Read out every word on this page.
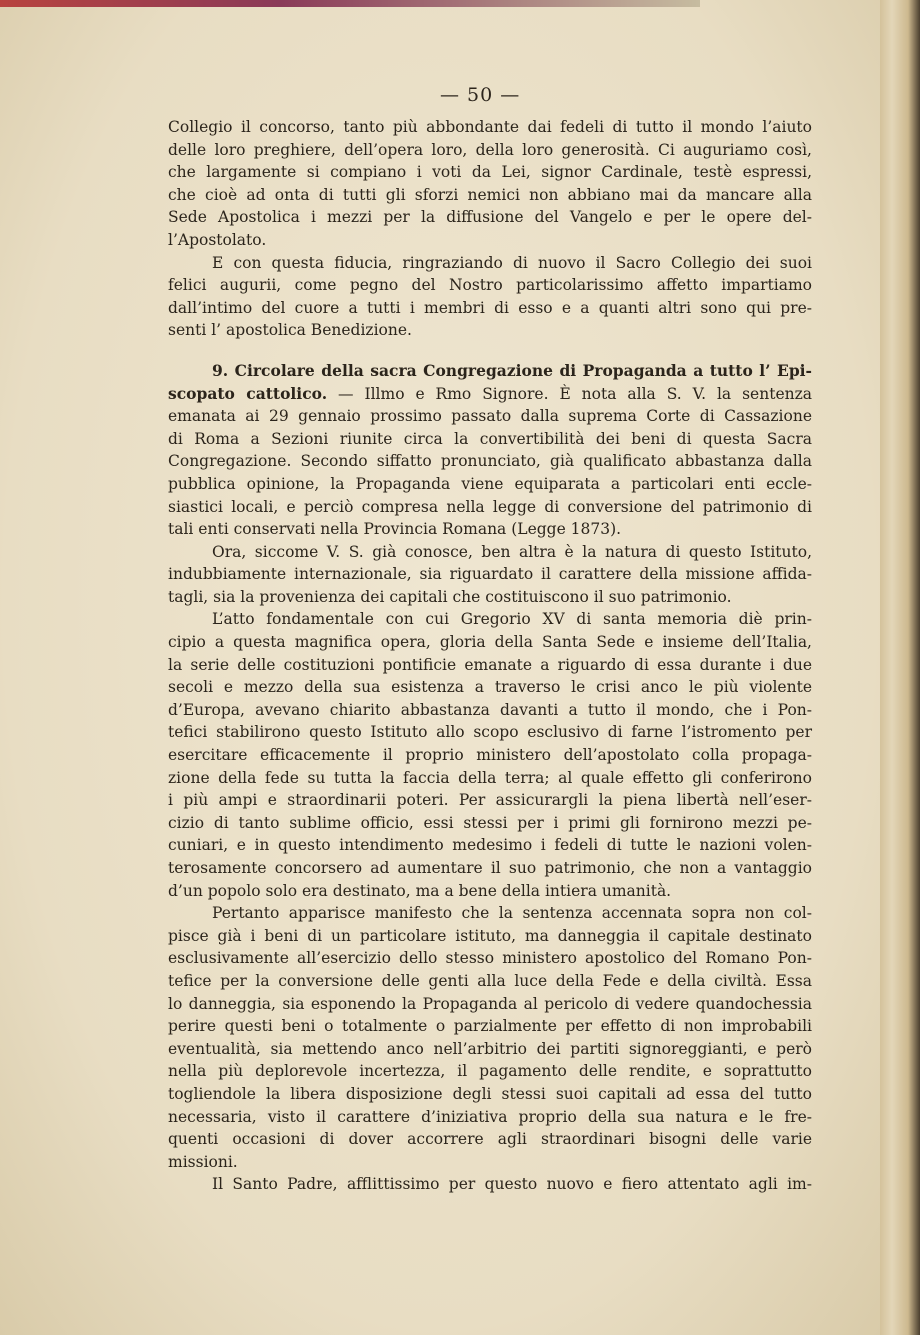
— 50 —
Collegio il concorso, tanto più abbondante dai fedeli di tutto il mondo l’aiuto
delle loro preghiere, dell’opera loro, della loro generosità. Ci auguriamo così,
che largamente si compiano i voti da Lei, signor Cardinale, testè espressi,
che cioè ad onta di tutti gli sforzi nemici non abbiano mai da mancare alla
Sede Apostolica i mezzi per la diffusione del Vangelo e per le opere del-
l’Apostolato.
E con questa fiducia, ringraziando di nuovo il Sacro Collegio dei suoi
felici augurii, come pegno del Nostro particolarissimo affetto impartiamo
dall’intimo del cuore a tutti i membri di esso e a quanti altri sono qui pre-
senti l’ apostolica Benedizione.
9. Circolare della sacra Congregazione di Propaganda a tutto l’ Epi-
scopato cattolico. — Illmo e Rmo Signore. È nota alla S. V. la sentenza
emanata ai 29 gennaio prossimo passato dalla suprema Corte di Cassazione
di Roma a Sezioni riunite circa la convertibilità dei beni di questa Sacra
Congregazione. Secondo siffatto pronunciato, già qualificato abbastanza dalla
pubblica opinione, la Propaganda viene equiparata a particolari enti eccle-
siastici locali, e perciò compresa nella legge di conversione del patrimonio di
tali enti conservati nella Provincia Romana (Legge 1873).
Ora, siccome V. S. già conosce, ben altra è la natura di questo Istituto,
indubbiamente internazionale, sia riguardato il carattere della missione affida-
tagli, sia la provenienza dei capitali che costituiscono il suo patrimonio.
L’atto fondamentale con cui Gregorio XV di santa memoria diè prin-
cipio a questa magnifica opera, gloria della Santa Sede e insieme dell’Italia,
la serie delle costituzioni pontificie emanate a riguardo di essa durante i due
secoli e mezzo della sua esistenza a traverso le crisi anco le più violente
d’Europa, avevano chiarito abbastanza davanti a tutto il mondo, che i Pon-
tefici stabilirono questo Istituto allo scopo esclusivo di farne l’istromento per
esercitare efficacemente il proprio ministero dell’apostolato colla propaga-
zione della fede su tutta la faccia della terra; al quale effetto gli conferirono
i più ampi e straordinarii poteri. Per assicurargli la piena libertà nell’eser-
cizio di tanto sublime officio, essi stessi per i primi gli fornirono mezzi pe-
cuniari, e in questo intendimento medesimo i fedeli di tutte le nazioni volen-
terosamente concorsero ad aumentare il suo patrimonio, che non a vantaggio
d’un popolo solo era destinato, ma a bene della intiera umanità.
Pertanto apparisce manifesto che la sentenza accennata sopra non col-
pisce già i beni di un particolare istituto, ma danneggia il capitale destinato
esclusivamente all’esercizio dello stesso ministero apostolico del Romano Pon-
tefice per la conversione delle genti alla luce della Fede e della civiltà. Essa
lo danneggia, sia esponendo la Propaganda al pericolo di vedere quandochessia
perire questi beni o totalmente o parzialmente per effetto di non improbabili
eventualità, sia mettendo anco nell’arbitrio dei partiti signoreggianti, e però
nella più deplorevole incertezza, il pagamento delle rendite, e soprattutto
togliendole la libera disposizione degli stessi suoi capitali ad essa del tutto
necessaria, visto il carattere d’iniziativa proprio della sua natura e le fre-
quenti occasioni di dover accorrere agli straordinari bisogni delle varie
missioni.
Il Santo Padre, afflittissimo per questo nuovo e fiero attentato agli im-
